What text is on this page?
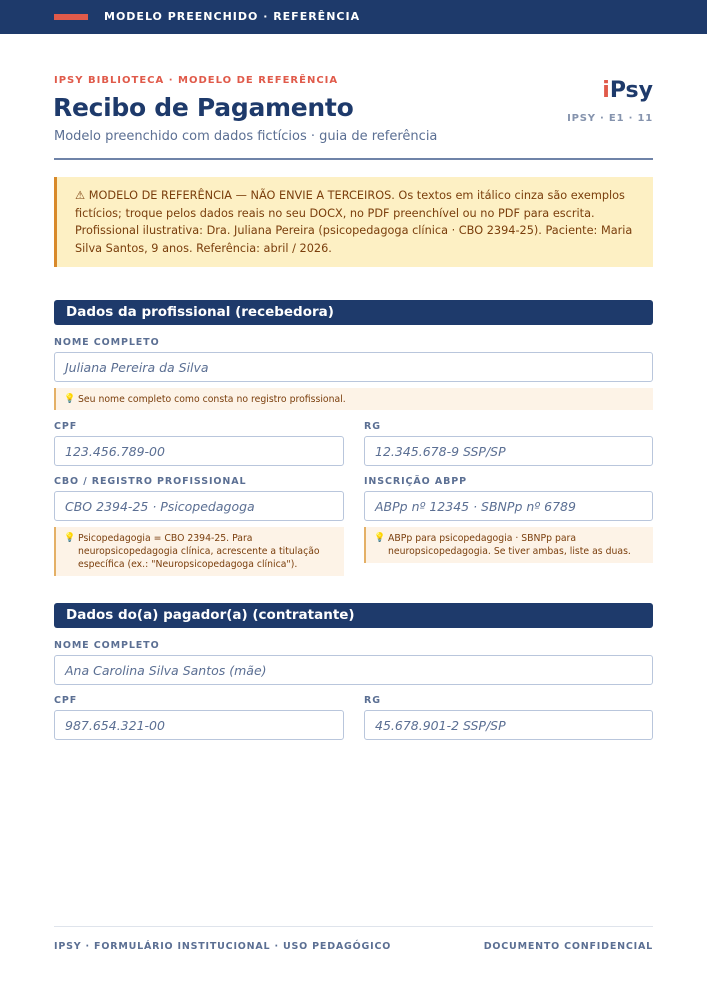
MODELO PREENCHIDO · REFERÊNCIA
IPSY BIBLIOTECA · MODELO DE REFERÊNCIA
Recibo de Pagamento
Modelo preenchido com dados fictícios · guia de referência
iPsy
IPSY · E1 · 11
⚠ MODELO DE REFERÊNCIA — NÃO ENVIE A TERCEIROS. Os textos em itálico cinza são exemplos fictícios; troque pelos dados reais no seu DOCX, no PDF preenchível ou no PDF para escrita. Profissional ilustrativa: Dra. Juliana Pereira (psicopedagoga clínica · CBO 2394-25). Paciente: Maria Silva Santos, 9 anos. Referência: abril / 2026.
Dados da profissional (recebedora)
NOME COMPLETO
Juliana Pereira da Silva
💡 Seu nome completo como consta no registro profissional.
CPF
123.456.789-00
RG
12.345.678-9 SSP/SP
CBO / REGISTRO PROFISSIONAL
CBO 2394-25 · Psicopedagoga
INSCRIÇÃO ABPP
ABPp nº 12345 · SBNPp nº 6789
💡 Psicopedagogia = CBO 2394-25. Para neuropsicopedagogia clínica, acrescente a titulação específica (ex.: "Neuropsicopedagoga clínica").
💡 ABPp para psicopedagogia · SBNPp para neuropsicopedagogia. Se tiver ambas, liste as duas.
Dados do(a) pagador(a) (contratante)
NOME COMPLETO
Ana Carolina Silva Santos (mãe)
CPF
987.654.321-00
RG
45.678.901-2 SSP/SP
IPSY · FORMULÁRIO INSTITUCIONAL · USO PEDAGÓGICO	DOCUMENTO CONFIDENCIAL
